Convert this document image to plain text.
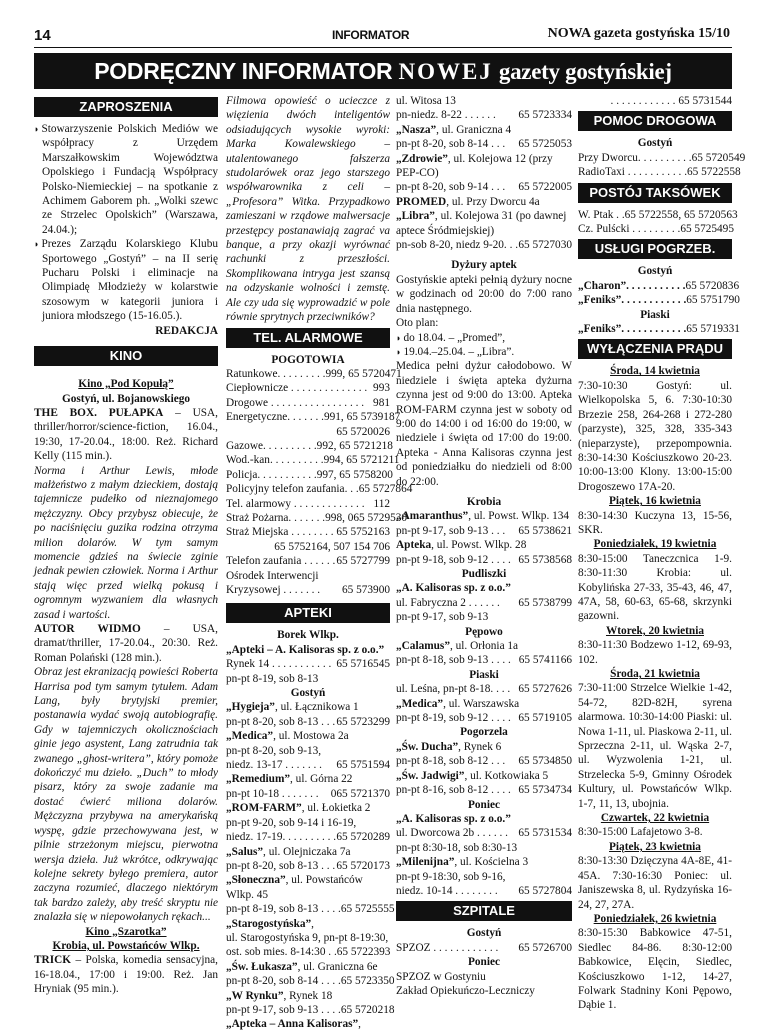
14	INFORMATOR	NOWA gazeta gostyńska 15/10
PODRĘCZNY INFORMATOR NOWEJ gazety gostyńskiej
ZAPROSZENIA
◗ Stowarzyszenie Polskich Mediów we współpracy z Urzędem Marszałkowskim Województwa Opolskiego i Fundacją Współpracy Polsko-Niemieckiej – na spotkanie z Achimem Gaborem ph. „Wolki szewc ze Strzelec Opolskich” (Warszawa, 24.04.);
◗ Prezes Zarządu Kolarskiego Klubu Sportowego „Gostyń” – na II serię Pucharu Polski i eliminacje na Olimpiadę Młodzieży w kolarstwie szosowym w kategorii juniora i juniora młodszego (15-16.05.).
REDAKCJA
KINO
Kino „Pod Kopułą”
Gostyń, ul. Bojanowskiego
THE BOX. PUŁAPKA – USA, thriller/horror/science-fiction, 16.04., 19:30, 17-20.04., 18:00. Reż. Richard Kelly (115 min.).
Norma i Arthur Lewis, młode małżeństwo z małym dzieckiem, dostają tajemnicze pudełko od nieznajomego mężczyzny. Obcy przybysz obiecuje, że po naciśnięciu guzika rodzina otrzyma milion dolarów. W tym samym momencie gdzieś na świecie zginie jednak pewien człowiek. Norma i Arthur stają więc przed wielką pokusą i ogromnym wyzwaniem dla własnych zasad i wartości.
AUTOR WIDMO – USA, dramat/thriller, 17-20.04., 20:30. Reż. Roman Polański (128 min.).
Obraz jest ekranizacją powieści Roberta Harrisa pod tym samym tytułem. Adam Lang, były brytyjski premier, postanawia wydać swoją autobiografię. Gdy w tajemniczych okolicznościach ginie jego asystent, Lang zatrudnia tak zwanego „ghost-writera”, który pomoże dokończyć mu dzieło. „Duch” to młody pisarz, który za swoje zadanie ma dostać ćwierć miliona dolarów. Mężczyzna przybywa na amerykańską wyspę, gdzie przechowywana jest, w pilnie strzeżonym miejscu, pierwotna wersja dzieła. Już wkrótce, odkrywając kolejne sekrety byłego premiera, autor zaczyna rozumieć, dlaczego niektórym tak bardzo zależy, aby treść skryptu nie znalazła się w niepowołanych rękach...
Kino „Szarotka”
Krobia, ul. Powstańców Wlkp.
TRICK – Polska, komedia sensacyjna, 16-18.04., 17:00 i 19:00. Reż. Jan Hryniak (95 min.).
Filmowa opowieść o ucieczce z więzienia dwóch inteligentów odsiadujących wysokie wyroki: Marka Kowalewskiego – utalentowanego fałszerza studolarówek oraz jego starszego współwarownika z celi – „Profesora” Witka. Przypadkowo zamieszani w rządowe malwersacje przestępcy postanawiają zagrać va banque, a przy okazji wyrównać rachunki z przeszłości. Skomplikowana intryga jest szansą na odzyskanie wolności i zemstę. Ale czy uda się wyprowadzić w pole równie sprytnych przeciwników?
TEL. ALARMOWE
POGOTOWIA
Ratunkowe. . . . . . . . . 999, 65 5720471
Ciepłownicze . . . . . . . . . . . . . . 993
Drogowe . . . . . . . . . . . . . . . . . 981
Energetyczne. . . . . . . 991, 65 5739187
65 5720026
Gazowe. . . . . . . . . . 992, 65 5721218
Wod.-kan. . . . . . . . . . 994, 65 5721211
Policja. . . . . . . . . . . 997, 65 5758200
Policyjny telefon zaufania. . . 65 5727864
Tel. alarmowy . . . . . . . . . . . . . 112
Straż Pożarna. . . . . . . 998, 065 5729530
Straż Miejska . . . . . . . . 65 5752163
65 5752164, 507 154 706
Telefon zaufania . . . . . . 65 5727799
Ośrodek Interwencji
Kryzysowej . . . . . . . 65 573900
APTEKI
Borek Wlkp.
„Apteki – A. Kalisoras sp. z o.o.”
Rynek 14 . . . . . . . . . . . 65 5716545
pn-pt 8-19, sob 8-13
Gostyń
„Hygieja”, ul. Łącznikowa 1
pn-pt 8-20, sob 8-13 . . . 65 5723299
„Medica”, ul. Mostowa 2a
pn-pt 8-20, sob 9-13,
niedz. 13-17 . . . . . . . 65 5751594
„Remedium”, ul. Górna 22
pn-pt 10-18 . . . . . . . 065 5721370
„ROM-FARM”, ul. Łokietka 2
pn-pt 9-20, sob 9-14 i 16-19,
niedz. 17-19. . . . . . . . . . 65 5720289
„Salus”, ul. Olejniczaka 7a
pn-pt 8-20, sob 8-13 . . . 65 5720173
„Słoneczna”, ul. Powstańców Wlkp. 45
pn-pt 8-19, sob 8-13 . . . . 65 5725555
„Starogostyńska”,
ul. Starogostyńska 9, pn-pt 8-19:30,
ost. sob mies. 8-14:30 . . 65 5722393
„Św. Łukasza”, ul. Graniczna 6e
pn-pt 8-20, sob 8-14 . . . . 65 5723350
„W Rynku”, Rynek 18
pn-pt 9-17, sob 9-13 . . . . 65 5720218
„Apteka – Anna Kalisoras”,
ul. Witosa 13
pn-niedz. 8-22 . . . . . . 65 5723334
„Nasza”, ul. Graniczna 4
pn-pt 8-20, sob 8-14 . . . 65 5725053
„Zdrowie”, ul. Kolejowa 12 (przy PEP-CO)
pn-pt 8-20, sob 9-14 . . . 65 5722005
PROMED, ul. Przy Dworcu 4a
„Libra”, ul. Kolejowa 31 (po dawnej aptece Śródmiejskiej)
pn-sob 8-20, niedz 9-20. . . 65 5727030
Dyżury aptek
Gostyńskie apteki pełnią dyżury nocne w godzinach od 20:00 do 7:00 rano dnia następnego.
Oto plan:
◗ do 18.04. – „Promed”,
◗ 19.04.–25.04. – „Libra”.
Medica pełni dyżur całodobowo. W niedziele i święta apteka dyżurna czynna jest od 9:00 do 13:00. Apteka ROM-FARM czynna jest w soboty od 9:00 do 14:00 i od 16:00 do 19:00, w niedziele i święta od 17:00 do 19:00. Apteka - Anna Kalisoras czynna jest od poniedziałku do niedzieli od 8:00 do 22:00.
Krobia
„Amaranthus”, ul. Powst. Wlkp. 134
pn-pt 9-17, sob 9-13 . . . 65 5738621
Apteka, ul. Powst. Wlkp. 28
pn-pt 9-18, sob 9-12 . . . . 65 5738568
Pudliszki
„A. Kalisoras sp. z o.o.”
ul. Fabryczna 2 . . . . . . 65 5738799
pn-pt 9-17, sob 9-13
Pępowo
„Calamus”, ul. Orłonia 1a
pn-pt 8-18, sob 9-13 . . . . 65 5741166
Piaski
ul. Leśna, pn-pt 8-18. . . . 65 5727626
„Medica”, ul. Warszawska
pn-pt 8-19, sob 9-12 . . . . 65 5719105
Pogorzela
„Św. Ducha”, Rynek 6
pn-pt 8-18, sob 8-12 . . . 65 5734850
„Św. Jadwigi”, ul. Kotkowiaka 5
pn-pt 8-16, sob 8-12 . . . . 65 5734734
Poniec
„A. Kalisoras sp. z o.o.”
ul. Dworcowa 2b . . . . . . 65 5731534
pn-pt 8:30-18, sob 8:30-13
„Milenijna”, ul. Kościelna 3
pn-pt 9-18:30, sob 9-16,
niedz. 10-14 . . . . . . . . 65 5727804
SZPITALE
Gostyń
SPZOZ . . . . . . . . . . . . 65 5726700
Poniec
SPZOZ w Gostyniu
Zakład Opiekuńczo-Leczniczy
. . . . . . . . . . . . 65 5731544
POMOC DROGOWA
Gostyń
Przy Dworcu. . . . . . . . . . 65 5720549
RadioTaxi . . . . . . . . . . . 65 5722558
POSTÓJ TAKSÓWEK
W. Ptak . . 65 5722558, 65 5720563
Cz. Pulścki . . . . . . . . . 65 5725495
USŁUGI POGRZEB.
Gostyń
„Charon”. . . . . . . . . . . 65 5720836
„Feniks”. . . . . . . . . . . . 65 5751790
Piaski
„Feniks”. . . . . . . . . . . . 65 5719331
WYŁĄCZENIA PRĄDU
Środa, 14 kwietnia
7:30-10:30 Gostyń: ul. Wielkopolska 5, 6. 7:30-10:30 Brzezie 258, 264-268 i 272-280 (parzyste), 325, 328, 335-343 (nieparzyste), przepompownia. 8:30-14:30 Kościuszkowo 20-23. 10:00-13:00 Klony. 13:00-15:00 Drogoszewo 17A-20.
Piątek, 16 kwietnia
8:30-14:30 Kuczyna 13, 15-56, SKR.
Poniedziałek, 19 kwietnia
8:30-15:00 Taneczcnica 1-9. 8:30-11:30 Krobia: ul. Kobylińska 27-33, 35-43, 46, 47, 47A, 58, 60-63, 65-68, skrzynki gazowni.
Wtorek, 20 kwietnia
8:30-11:30 Bodzewo 1-12, 69-93, 102.
Środa, 21 kwietnia
7:30-11:00 Strzelce Wielkie 1-42, 54-72, 82D-82H, syrena alarmowa. 10:30-14:00 Piaski: ul. Nowa 1-11, ul. Piaskowa 2-11, ul. Sprzeczna 2-11, ul. Wąska 2-7, ul. Wyzwolenia 1-21, ul. Strzelecka 5-9, Gminny Ośrodek Kultury, ul. Powstańców Wlkp. 1-7, 11, 13, ubojnia.
Czwartek, 22 kwietnia
8:30-15:00 Lafajetowo 3-8.
Piątek, 23 kwietnia
8:30-13:30 Dzięczyna 4A-8E, 41-45A. 7:30-16:30 Poniec: ul. Janiszewska 8, ul. Rydzyńska 16-24, 27, 27A.
Poniedziałek, 26 kwietnia
8:30-15:30 Babkowice 47-51, Siedlec 84-86. 8:30-12:00 Babkowice, Elęcin, Siedlec, Kościuszkowo 1-12, 14-27, Folwark Stadniny Koni Pępowo, Dąbie 1.
